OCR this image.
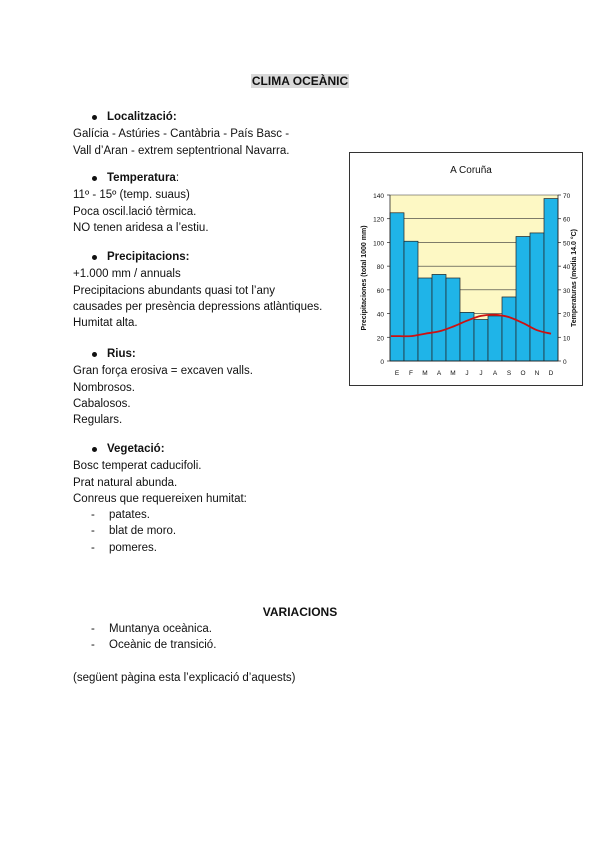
CLIMA OCEÀNIC

Localització:

Galícia - Astúries - Cantàbria - País Basc -

Vall d’Aran - extrem septentrional Navarra.

Temperatura:

11º - 15º (temp. suaus)

Poca oscil.lació tèrmica.

NO tenen aridesa a l’estiu.

Precipitacions:

+1.000 mm / annuals

Precipitacions abundants quasi tot l’any

causades per presència depressions atlàntiques.

Humitat alta.

Rius:

Gran força erosiva = excaven valls.

Nombrosos.

Cabalosos.

Regulars.

Vegetació:

Bosc temperat caducifoli.

Prat natural abunda.

Conreus que requereixen humitat:

- patates.

- blat de moro.

- pomeres.

VARIACIONS

- Muntanya oceànica.

- Oceànic de transició.

(següent pàgina esta l’explicació d’aquests)
A Coruña
0
20
40
60
80
100
120
140
0
10
20
30
40
50
60
70
E F M A M J J A S O N D
Precipitaciones (total 1000 mm)	Temperaturas (media 14.0 °C)
